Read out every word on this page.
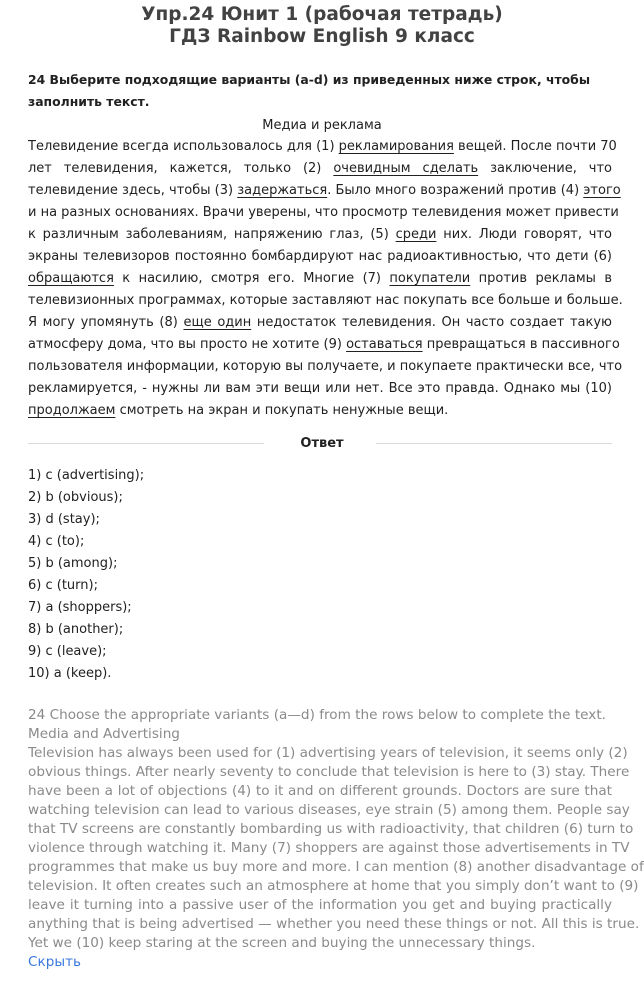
Упр.24 Юнит 1 (рабочая тетрадь)
ГДЗ Rainbow English 9 класс
24 Выберите подходящие варианты (a-d) из приведенных ниже строк, чтобы
заполнить текст.
Медиа и реклама
Телевидение всегда использовалось для (1) рекламирования вещей. После почти 70
лет телевидения, кажется, только (2) очевидным сделать заключение, что
телевидение здесь, чтобы (3) задержаться. Было много возражений против (4) этого
и на разных основаниях. Врачи уверены, что просмотр телевидения может привести
к различным заболеваниям, напряжению глаз, (5) среди них. Люди говорят, что
экраны телевизоров постоянно бомбардируют нас радиоактивностью, что дети (6)
обращаются к насилию, смотря его. Многие (7) покупатели против рекламы в
телевизионных программах, которые заставляют нас покупать все больше и больше.
Я могу упомянуть (8) еще один недостаток телевидения. Он часто создает такую
атмосферу дома, что вы просто не хотите (9) оставаться превращаться в пассивного
пользователя информации, которую вы получаете, и покупаете практически все, что
рекламируется, - нужны ли вам эти вещи или нет. Все это правда. Однако мы (10)
продолжаем смотреть на экран и покупать ненужные вещи.
Ответ
1) c (advertising);
2) b (obvious);
3) d (stay);
4) c (to);
5) b (among);
6) c (turn);
7) a (shoppers);
8) b (another);
9) c (leave);
10) a (keep).
24 Choose the appropriate variants (a—d) from the rows below to complete the text.
Media and Advertising
Television has always been used for (1) advertising years of television, it seems only (2)
obvious things. After nearly seventy to conclude that television is here to (3) stay. There
have been a lot of objections (4) to it and on different grounds. Doctors are sure that
watching television can lead to various diseases, eye strain (5) among them. People say
that TV screens are constantly bombarding us with radioactivity, that children (6) turn to
violence through watching it. Many (7) shoppers are against those advertisements in TV
programmes that make us buy more and more. I can mention (8) another disadvantage of
television. It often creates such an atmosphere at home that you simply don’t want to (9)
leave it turning into a passive user of the information you get and buying practically
anything that is being advertised — whether you need these things or not. All this is true.
Yet we (10) keep staring at the screen and buying the unnecessary things.
Скрыть
